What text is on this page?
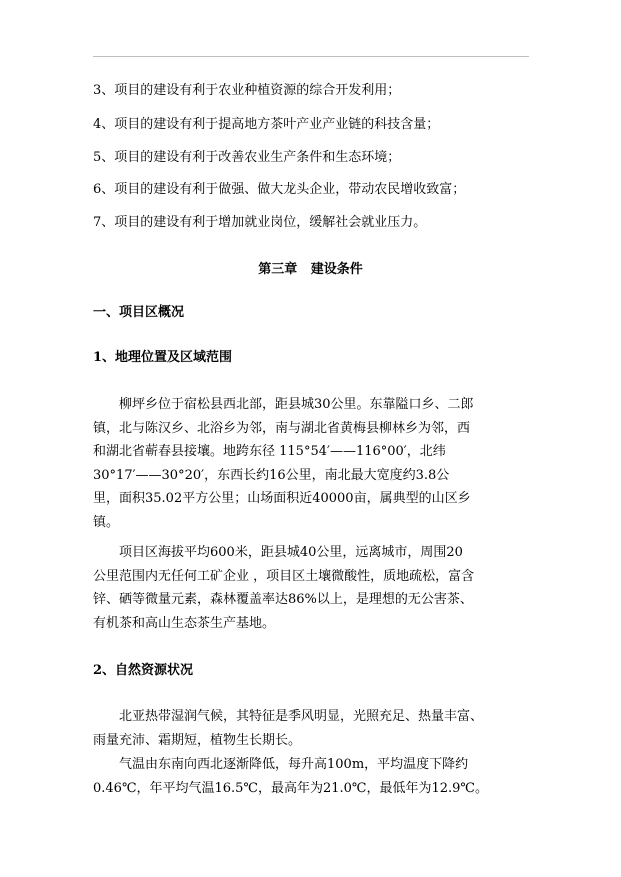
3、项目的建设有利于农业种植资源的综合开发利用；
4、项目的建设有利于提高地方茶叶产业产业链的科技含量；
5、项目的建设有利于改善农业生产条件和生态环境；
6、项目的建设有利于做强、做大龙头企业，带动农民增收致富；
7、项目的建设有利于增加就业岗位，缓解社会就业压力。
第三章   建设条件
一、项目区概况
1、地理位置及区域范围
柳坪乡位于宿松县西北部，距县城30公里。东靠隘口乡、二郎
镇，北与陈汉乡、北浴乡为邻，南与湖北省黄梅县柳林乡为邻，西
和湖北省蕲春县接壤。地跨东径 115°54′——116°00′，北纬
30°17′——30°20′，东西长约16公里，南北最大宽度约3.8公
里，面积35.02平方公里；山场面积近40000亩，属典型的山区乡
镇。
项目区海拔平均600米，距县城40公里，远离城市，周围20
公里范围内无任何工矿企业 ，项目区土壤微酸性，质地疏松，富含
锌、硒等微量元素，森林覆盖率达86%以上，是理想的无公害茶、
有机茶和高山生态茶生产基地。
2、自然资源状况
北亚热带湿润气候，其特征是季风明显，光照充足、热量丰富、
雨量充沛、霜期短，植物生长期长。
气温由东南向西北逐渐降低，每升高100m，平均温度下降约
0.46℃，年平均气温16.5℃，最高年为21.0℃，最低年为12.9℃。
